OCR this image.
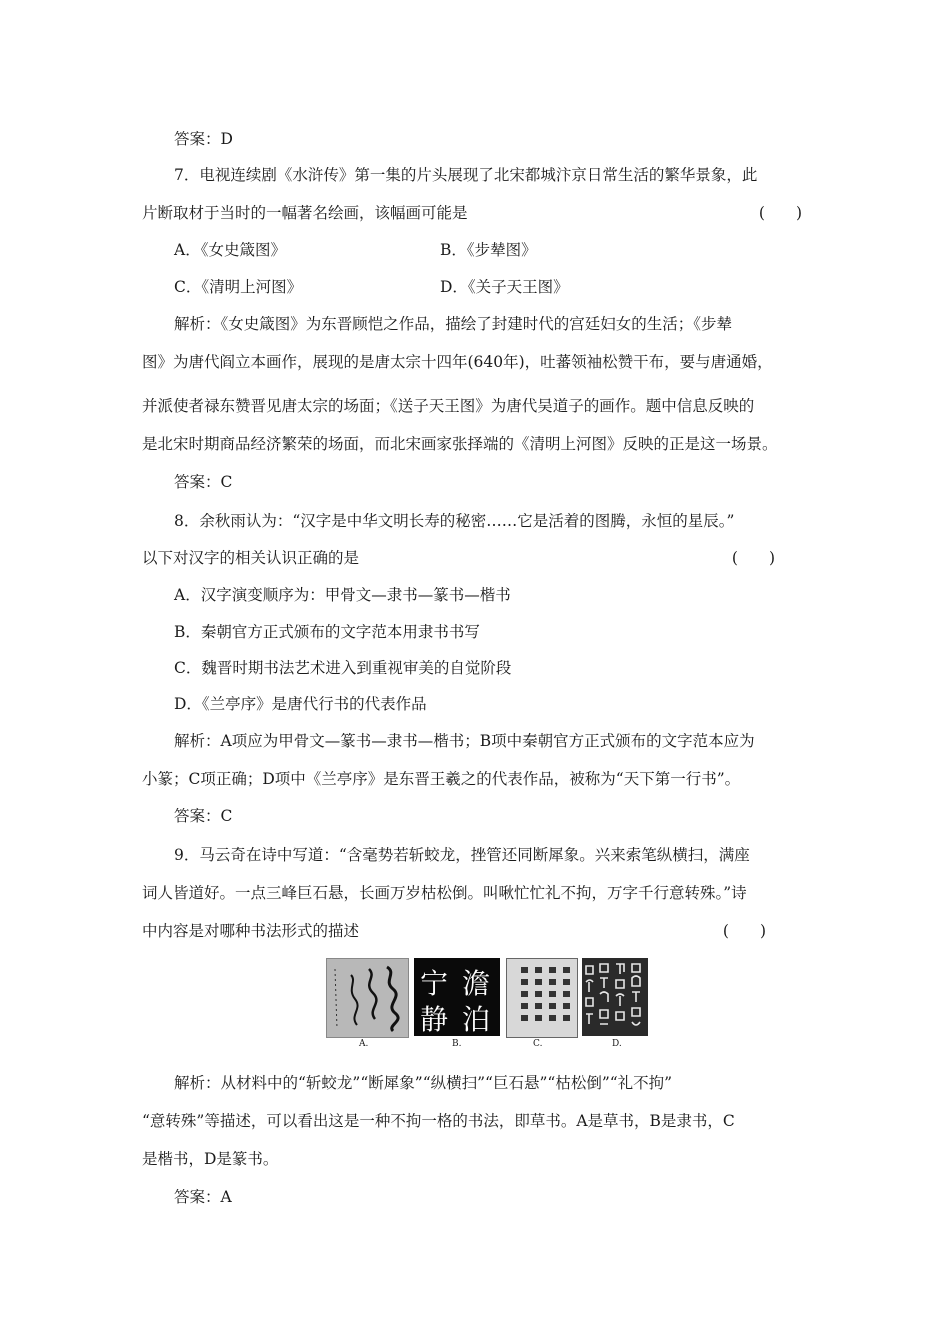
答案：D
7．电视连续剧《水浒传》第一集的片头展现了北宋都城汴京日常生活的繁华景象，此
片断取材于当时的一幅著名绘画，该幅画可能是	(　　)
A．《女史箴图》	B．《步辇图》
C．《清明上河图》	D．《关子天王图》
解析：《女史箴图》为东晋顾恺之作品，描绘了封建时代的宫廷妇女的生活；《步辇
图》为唐代阎立本画作，展现的是唐太宗十四年(640年)，吐蕃领袖松赞干布，要与唐通婚，
并派使者禄东赞晋见唐太宗的场面；《送子天王图》为唐代吴道子的画作。题中信息反映的
是北宋时期商品经济繁荣的场面，而北宋画家张择端的《清明上河图》反映的正是这一场景。
答案：C
8．余秋雨认为：“汉字是中华文明长寿的秘密……它是活着的图腾，永恒的星辰。”
以下对汉字的相关认识正确的是	(　　)
A．汉字演变顺序为：甲骨文—隶书—篆书—楷书
B．秦朝官方正式颁布的文字范本用隶书书写
C．魏晋时期书法艺术进入到重视审美的自觉阶段
D．《兰亭序》是唐代行书的代表作品
解析：A项应为甲骨文—篆书—隶书—楷书；B项中秦朝官方正式颁布的文字范本应为
小篆；C项正确；D项中《兰亭序》是东晋王羲之的代表作品，被称为“天下第一行书”。
答案：C
9．马云奇在诗中写道：“含毫势若斩蛟龙，挫管还同断犀象。兴来索笔纵横扫，满座
词人皆道好。一点三峰巨石悬，长画万岁枯松倒。叫啾忙忙礼不拘，万字千行意转殊。”诗
中内容是对哪种书法形式的描述	(　　)
A.
澹
泊
宁
静
B.	C.	D.
解析：从材料中的“斩蛟龙”“断犀象”“纵横扫”“巨石悬”“枯松倒”“礼不拘”
“意转殊”等描述，可以看出这是一种不拘一格的书法，即草书。A是草书，B是隶书，C
是楷书，D是篆书。
答案：A
